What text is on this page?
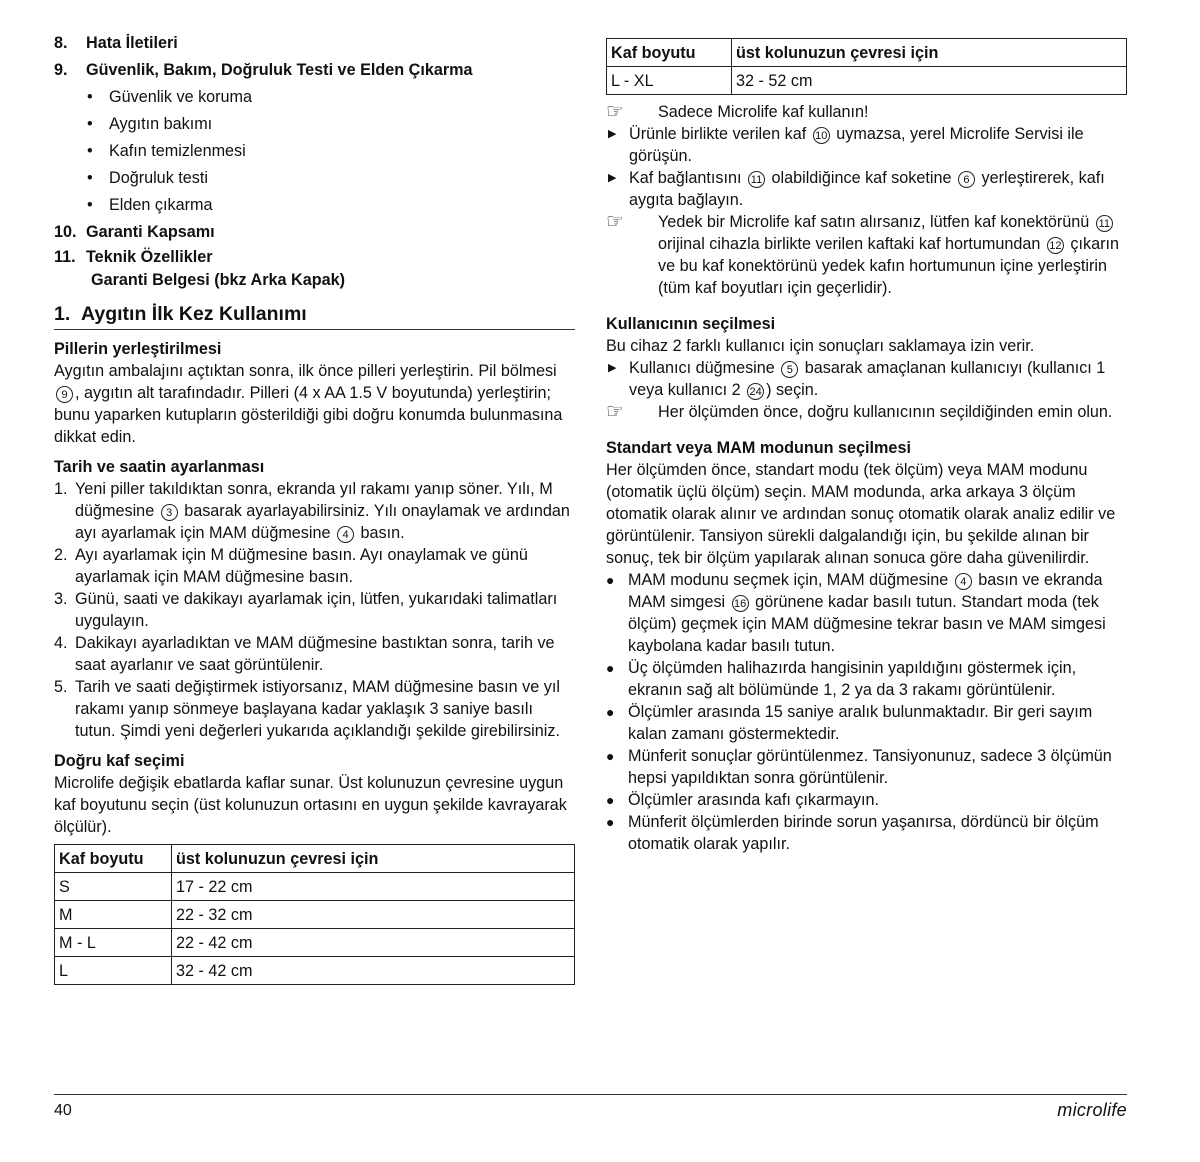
8.	Hata İletileri
9.	Güvenlik, Bakım, Doğruluk Testi ve Elden Çıkarma
•	Güvenlik ve koruma
•	Aygıtın bakımı
•	Kafın temizlenmesi
•	Doğruluk testi
•	Elden çıkarma
10. Garanti Kapsamı
11. Teknik Özellikler
Garanti Belgesi (bkz Arka Kapak)
1. Aygıtın İlk Kez Kullanımı
Pillerin yerleştirilmesi

Aygıtın ambalajını açtıktan sonra, ilk önce pilleri yerleştirin. Pil bölmesi 9 , aygıtın alt tarafındadır. Pilleri (4 x AA 1.5 V boyutunda) yerleştirin; bunu yaparken kutupların gösterildiği gibi doğru konumda bulunmasına dikkat edin.

Tarih ve saatin ayarlanması
1. Yeni piller takıldıktan sonra, ekranda yıl rakamı yanıp söner. Yılı, M düğmesine 3 basarak ayarlayabilirsiniz. Yılı onaylamak ve ardından ayı ayarlamak için MAM düğmesine 4 basın.
2. Ayı ayarlamak için M düğmesine basın. Ayı onaylamak ve günü ayarlamak için MAM düğmesine basın.
3. Günü, saati ve dakikayı ayarlamak için, lütfen, yukarıdaki talimatları uygulayın.
4. Dakikayı ayarladıktan ve MAM düğmesine bastıktan sonra, tarih ve saat ayarlanır ve saat görüntülenir.
5. Tarih ve saati değiştirmek istiyorsanız, MAM düğmesine basın ve yıl rakamı yanıp sönmeye başlayana kadar yaklaşık 3 saniye basılı tutun. Şimdi yeni değerleri yukarıda açıklandığı şekilde girebilirsiniz.
Doğru kaf seçimi

Microlife değişik ebatlarda kaflar sunar. Üst kolunuzun çevresine uygun kaf boyutunu seçin (üst kolunuzun ortasını en uygun şekilde kavrayarak ölçülür).

Kaf boyutu	üst kolunuzun çevresi için
S	17 - 22 cm
M	22 - 32 cm
M - L	22 - 42 cm
L	32 - 42 cm
Kaf boyutu	üst kolunuzun çevresi için
L - XL	32 - 52 cm
☞	Sadece Microlife kaf kullanın!
▶ Ürünle birlikte verilen kaf 10 uymazsa, yerel Microlife Servisi ile görüşün.
▶ Kaf bağlantısını 11 olabildiğince kaf soketine 6 yerleştirerek, kafı aygıta bağlayın.
☞	Yedek bir Microlife kaf satın alırsanız, lütfen kaf konektörünü 11 orijinal cihazla birlikte verilen kaftaki kaf hortumundan 12 çıkarın ve bu kaf konektörünü yedek kafın hortumunun içine yerleştirin (tüm kaf boyutları için geçerlidir).
Kullanıcının seçilmesi

Bu cihaz 2 farklı kullanıcı için sonuçları saklamaya izin verir.

▶ Kullanıcı düğmesine 5 basarak amaçlanan kullanıcıyı (kullanıcı 1 veya kullanıcı 2 24 ) seçin.
☞	Her ölçümden önce, doğru kullanıcının seçildiğinden emin olun.
Standart veya MAM modunun seçilmesi

Her ölçümden önce, standart modu (tek ölçüm) veya MAM modunu (otomatik üçlü ölçüm) seçin. MAM modunda, arka arkaya 3 ölçüm otomatik olarak alınır ve ardından sonuç otomatik olarak analiz edilir ve görüntülenir. Tansiyon sürekli dalgalandığı için, bu şekilde alınan bir sonuç, tek bir ölçüm yapılarak alınan sonuca göre daha güvenilirdir.

● MAM modunu seçmek için, MAM düğmesine 4 basın ve ekranda MAM simgesi 16 görünene kadar basılı tutun. Standart moda (tek ölçüm) geçmek için MAM düğmesine tekrar basın ve MAM simgesi kaybolana kadar basılı tutun.
● Üç ölçümden halihazırda hangisinin yapıldığını göstermek için, ekranın sağ alt bölümünde 1, 2 ya da 3 rakamı görüntülenir.
● Ölçümler arasında 15 saniye aralık bulunmaktadır. Bir geri sayım kalan zamanı göstermektedir.
● Münferit sonuçlar görüntülenmez. Tansiyonunuz, sadece 3 ölçümün hepsi yapıldıktan sonra görüntülenir.
● Ölçümler arasında kafı çıkarmayın.
● Münferit ölçümlerden birinde sorun yaşanırsa, dördüncü bir ölçüm otomatik olarak yapılır.
40	microlife
